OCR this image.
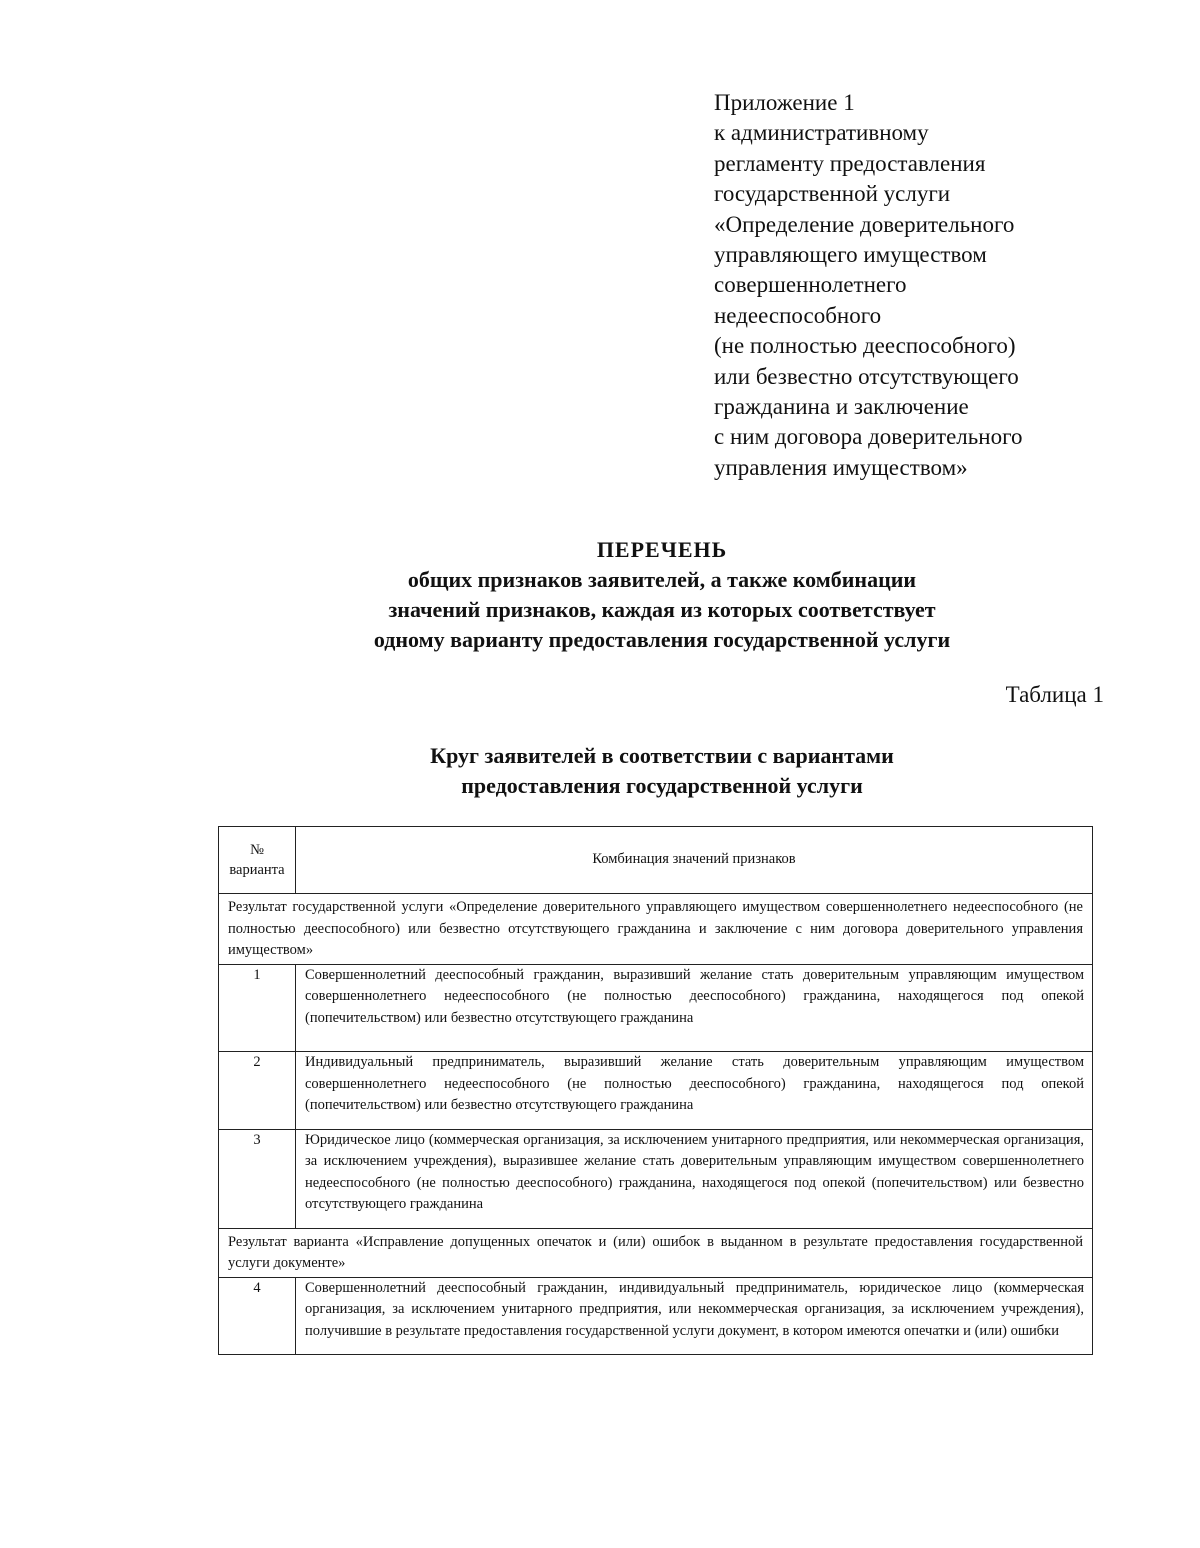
Приложение 1
к административному
регламенту предоставления
государственной услуги
«Определение доверительного
управляющего имуществом
совершеннолетнего
недееспособного
(не полностью дееспособного)
или безвестно отсутствующего
гражданина и заключение
с ним договора доверительного
управления имуществом»
ПЕРЕЧЕНЬ
общих признаков заявителей, а также комбинации
значений признаков, каждая из которых соответствует
одному варианту предоставления государственной услуги
Таблица 1
Круг заявителей в соответствии с вариантами
предоставления государственной услуги
№
варианта	Комбинация значений признаков
Результат государственной услуги «Определение доверительного управляющего имуществом совершеннолетнего недееспособного (не полностью дееспособного) или безвестно отсутствующего гражданина и заключение с ним договора доверительного управления имуществом»	
1	Совершеннолетний дееспособный гражданин, выразивший желание стать доверительным управляющим имуществом совершеннолетнего недееспособного (не полностью дееспособного) гражданина, находящегося под опекой (попечительством) или безвестно отсутствующего гражданина
2	Индивидуальный предприниматель, выразивший желание стать доверительным управляющим имуществом совершеннолетнего недееспособного (не полностью дееспособного) гражданина, находящегося под опекой (попечительством) или безвестно отсутствующего гражданина
3	Юридическое лицо (коммерческая организация, за исключением унитарного предприятия, или некоммерческая организация, за исключением учреждения), выразившее желание стать доверительным управляющим имуществом совершеннолетнего недееспособного (не полностью дееспособного) гражданина, находящегося под опекой (попечительством) или безвестно отсутствующего гражданина
Результат варианта «Исправление допущенных опечаток и (или) ошибок в выданном в результате предоставления государственной услуги документе»	
4	Совершеннолетний дееспособный гражданин, индивидуальный предприниматель, юридическое лицо (коммерческая организация, за исключением унитарного предприятия, или некоммерческая организация, за исключением учреждения), получившие в результате предоставления государственной услуги документ, в котором имеются опечатки и (или) ошибки
